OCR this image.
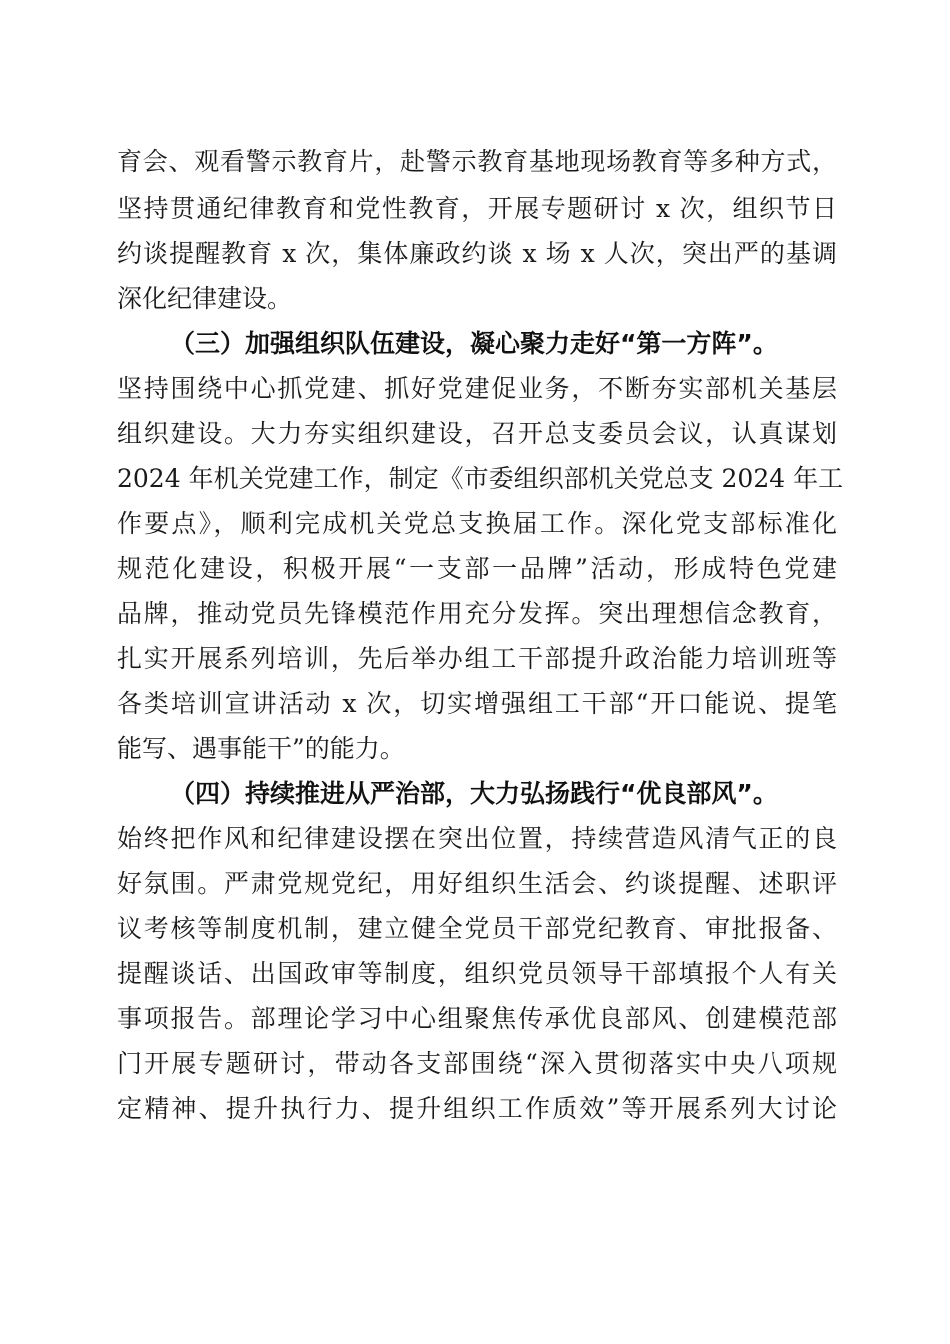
育会、观看警示教育片，赴警示教育基地现场教育等多种方式，
坚持贯通纪律教育和党性教育，开展专题研讨 x 次，组织节日
约谈提醒教育 x 次，集体廉政约谈 x 场 x 人次，突出严的基调
深化纪律建设。
（三）加强组织队伍建设，凝心聚力走好“第一方阵”。
坚持围绕中心抓党建、抓好党建促业务，不断夯实部机关基层
组织建设。大力夯实组织建设，召开总支委员会议，认真谋划
2024 年机关党建工作，制定《市委组织部机关党总支 2024 年工
作要点》，顺利完成机关党总支换届工作。深化党支部标准化
规范化建设，积极开展“一支部一品牌”活动，形成特色党建
品牌，推动党员先锋模范作用充分发挥。突出理想信念教育，
扎实开展系列培训，先后举办组工干部提升政治能力培训班等
各类培训宣讲活动 x 次，切实增强组工干部“开口能说、提笔
能写、遇事能干”的能力。
（四）持续推进从严治部，大力弘扬践行“优良部风”。
始终把作风和纪律建设摆在突出位置，持续营造风清气正的良
好氛围。严肃党规党纪，用好组织生活会、约谈提醒、述职评
议考核等制度机制，建立健全党员干部党纪教育、审批报备、
提醒谈话、出国政审等制度，组织党员领导干部填报个人有关
事项报告。部理论学习中心组聚焦传承优良部风、创建模范部
门开展专题研讨，带动各支部围绕“深入贯彻落实中央八项规
定精神、提升执行力、提升组织工作质效”等开展系列大讨论
